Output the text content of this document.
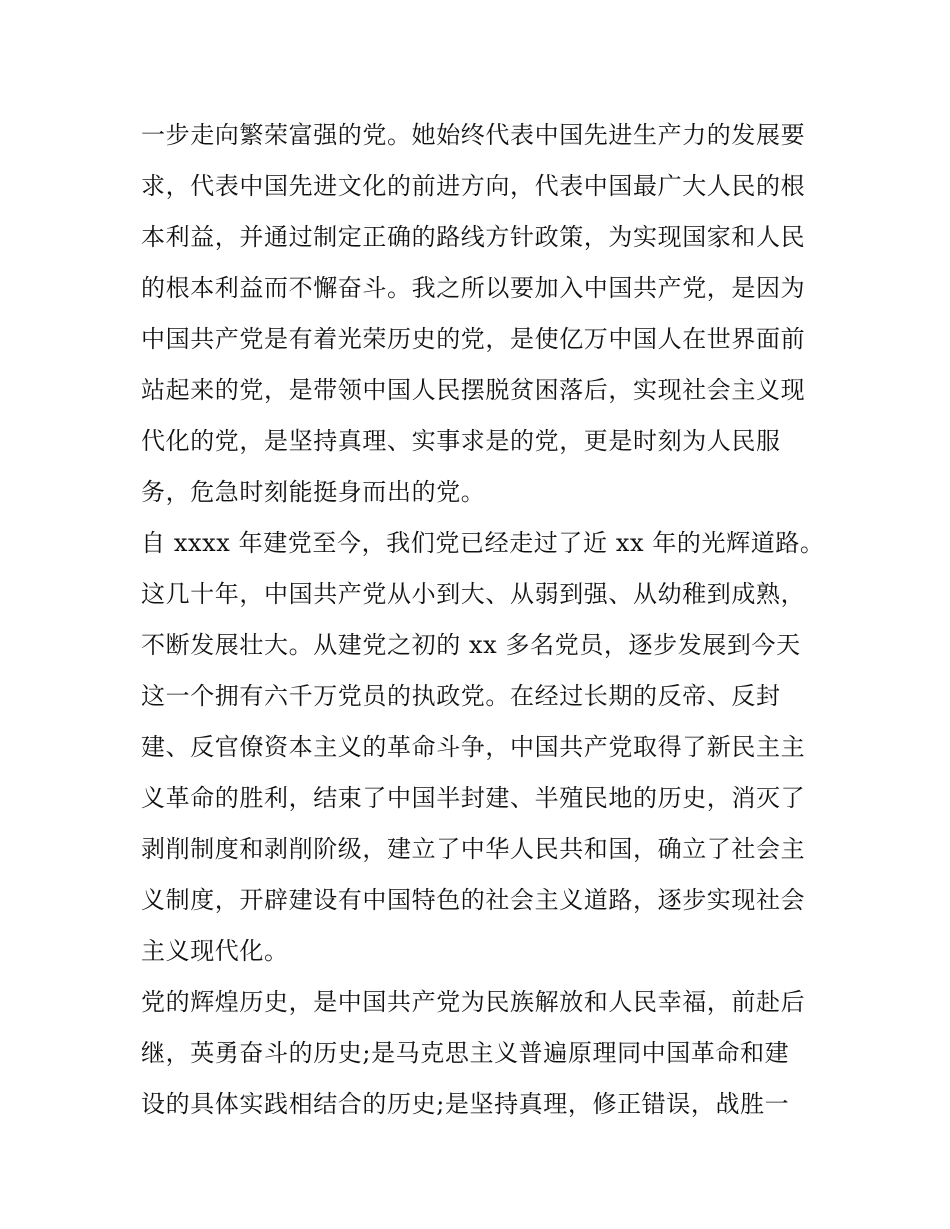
一步走向繁荣富强的党。她始终代表中国先进生产力的发展要
求，代表中国先进文化的前进方向，代表中国最广大人民的根
本利益，并通过制定正确的路线方针政策，为实现国家和人民
的根本利益而不懈奋斗。我之所以要加入中国共产党，是因为
中国共产党是有着光荣历史的党，是使亿万中国人在世界面前
站起来的党，是带领中国人民摆脱贫困落后，实现社会主义现
代化的党，是坚持真理、实事求是的党，更是时刻为人民服
务，危急时刻能挺身而出的党。
自 xxxx 年建党至今，我们党已经走过了近 xx 年的光辉道路。
这几十年，中国共产党从小到大、从弱到强、从幼稚到成熟，
不断发展壮大。从建党之初的 xx 多名党员，逐步发展到今天
这一个拥有六千万党员的执政党。在经过长期的反帝、反封
建、反官僚资本主义的革命斗争，中国共产党取得了新民主主
义革命的胜利，结束了中国半封建、半殖民地的历史，消灭了
剥削制度和剥削阶级，建立了中华人民共和国，确立了社会主
义制度，开辟建设有中国特色的社会主义道路，逐步实现社会
主义现代化。
党的辉煌历史，是中国共产党为民族解放和人民幸福，前赴后
继，英勇奋斗的历史;是马克思主义普遍原理同中国革命和建
设的具体实践相结合的历史;是坚持真理，修正错误，战胜一
